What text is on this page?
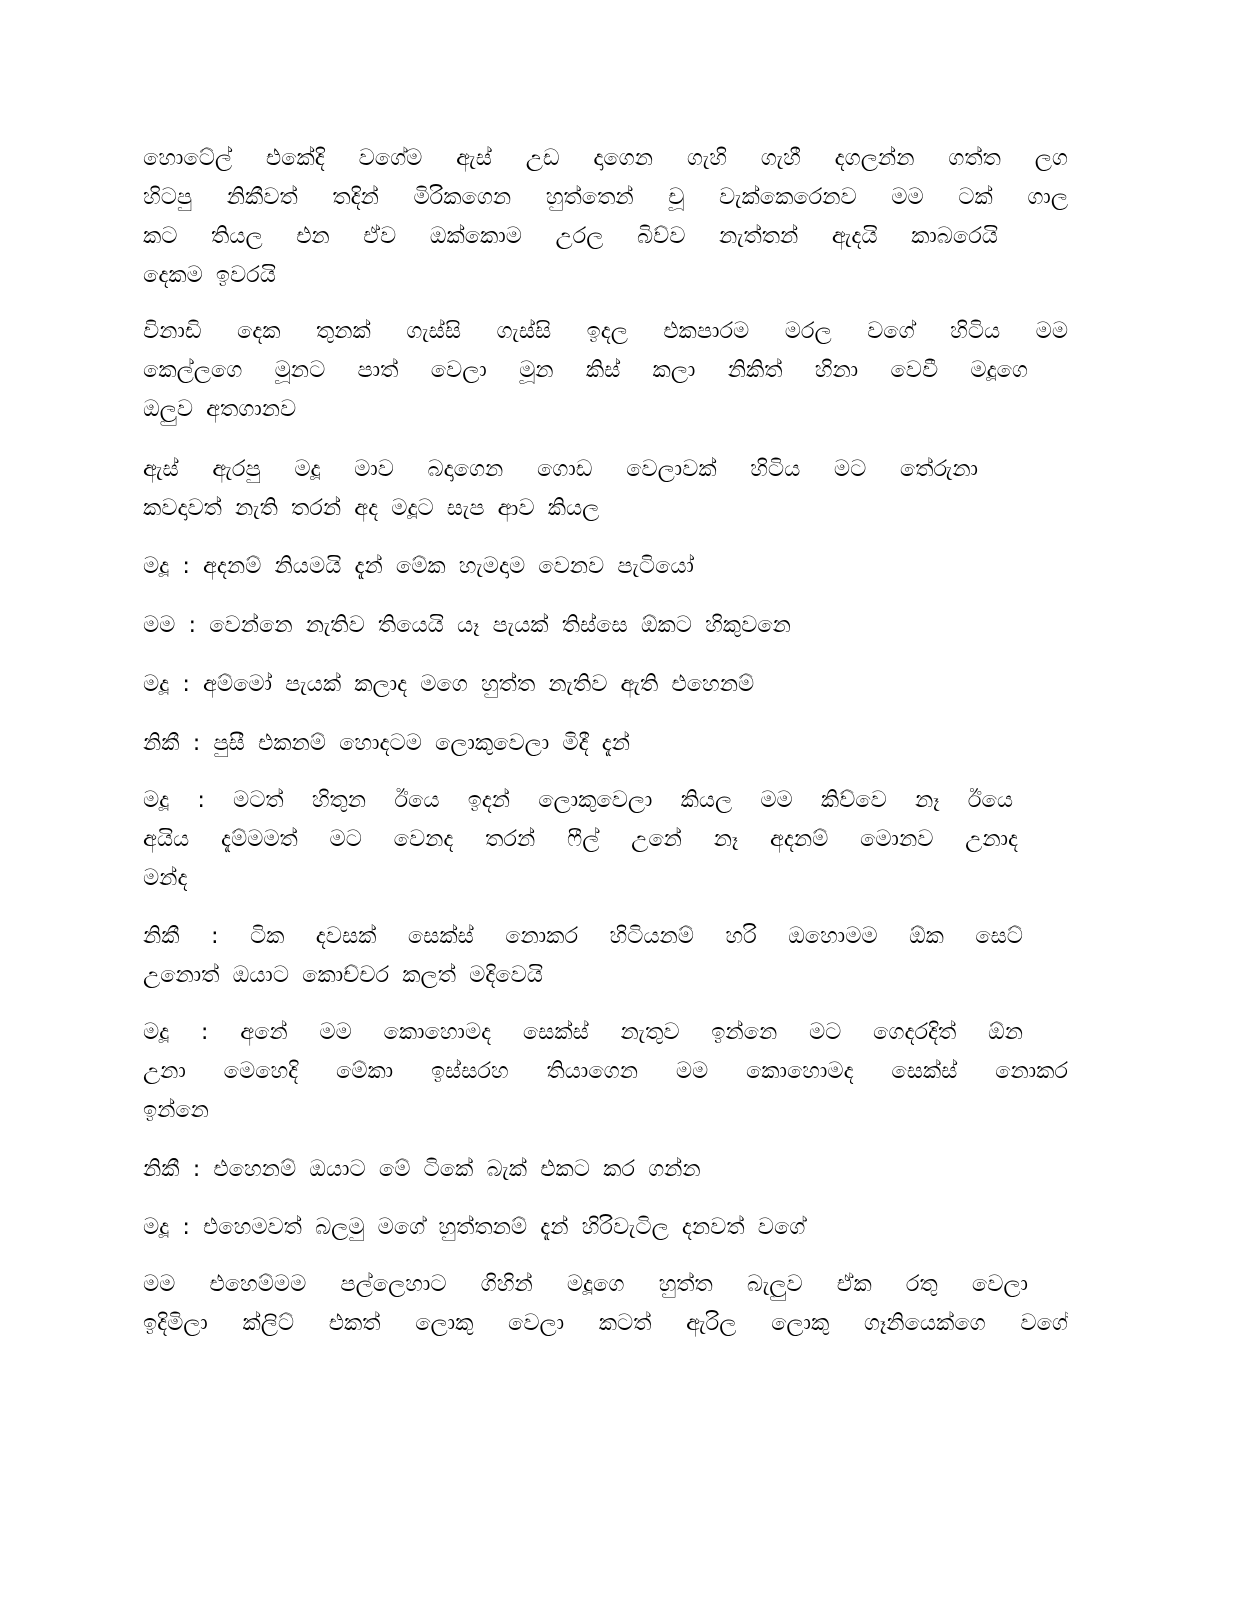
හොටේල් එකේදි වගේම ඇස් උඩ දාගෙන ගැහි ගැහී දගලන්න ගත්ත ලග
හිටපු නිකීවත් තදින් මිරිකගෙන හුත්තෙන් චූ වැක්කෙරෙනව මම ටක් ගාල
කට තියල එන ඒව ඔක්කොම උරල බිව්ව නැත්තන් ඇදයි කාබරෙයි
දෙකම ඉවරයි
විනාඩි දෙක තුනක් ගැස්සි ගැස්සි ඉදල එකපාරම මරල වගේ හිටිය මම
කෙල්ලගෙ මූනට පාත් වෙලා මූන කිස් කලා නිකිත් හිනා වෙවී මදූගෙ
ඔලුව අතගානව
ඇස් ඇරපු මදූ මාව බදාගෙන ගොඩ වෙලාවක් හිටිය මට තේරුනා
කවදාවත් නැති තරන් අද මදූට සැප ආව කියල
මදූ : අදනම් නියමයි දැන් මේක හැමදාම වෙනව පැටියෝ
මම : වෙන්නෙ නැතිව තියෙයි යෑ පැයක් තිස්සෙ ඕකට හිකුවනෙ
මදූ : අම්මෝ පැයක් කලාද මගෙ හුත්ත නැතිව ඇති එහෙනම්
නිකී : පුසී එකනම් හොදටම ලොකුවෙලා මිදී දැන්
මදූ : මටත් හිතුන ඊයෙ ඉදන් ලොකුවෙලා කියල මම කිව්වෙ නෑ ඊයෙ
අයිය දැම්මමත් මට වෙනද තරන් ෆීල් උනේ නෑ අදනම් මොනව උනාද
මන්ද
නිකී : ටික දවසක් සෙක්ස් නොකර හිටියනම් හරි ඔහොමම ඕක සෙට්
උනොත් ඔයාට කොච්චර කලත් මදිවෙයි
මදූ : අනේ මම කොහොමද සෙක්ස් නැතුව ඉන්නෙ මට ගෙදරදිත් ඕන
උනා මෙහෙදි මේකා ඉස්සරහ තියාගෙන මම කොහොමද සෙක්ස් නොකර
ඉන්නෙ
නිකී : එහෙනම් ඔයාට මේ ටිකේ බැක් එකට කර ගන්න
මදූ : එහෙමවත් බලමු මගේ හුත්තනම් දැන් හිරිවැටිල දනවත් වගේ
මම එහෙම්මම පල්ලෙහාට ගිහින් මදූගෙ හුත්ත බැලුව ඒක රතු වෙලා
ඉදිමිලා ක්ලිට් එකත් ලොකු වෙලා කටත් ඇරිල ලොකු ගෑනියෙක්ගෙ වගේ
